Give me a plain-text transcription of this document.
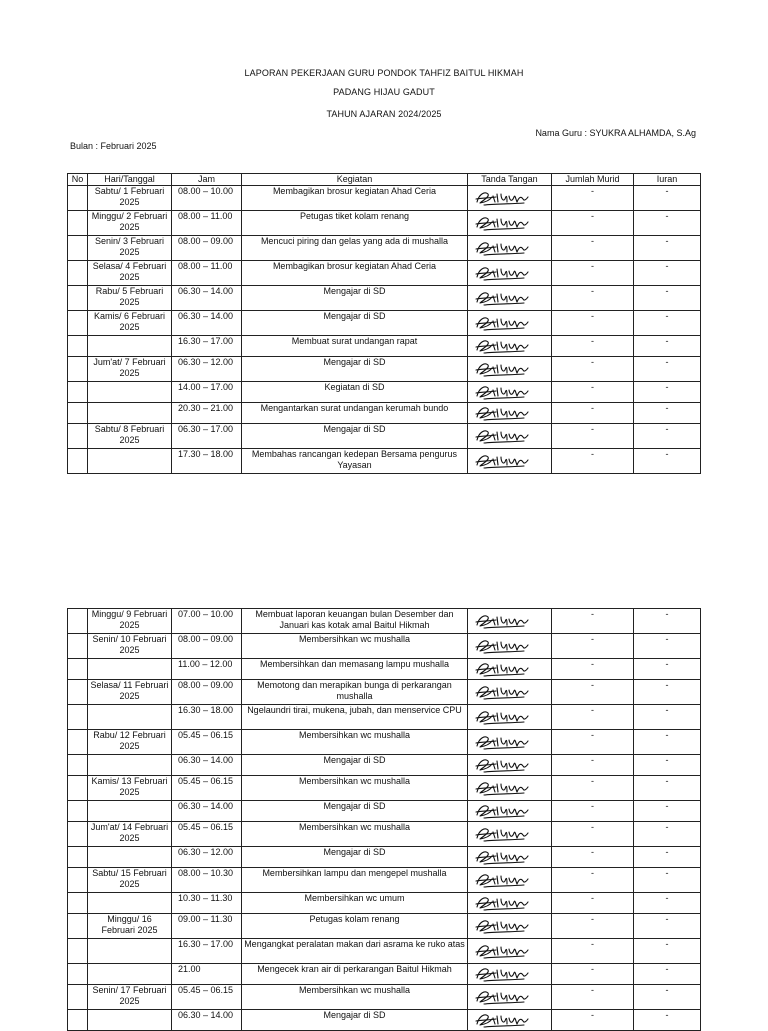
LAPORAN PEKERJAAN GURU PONDOK TAHFIZ BAITUL HIKMAH
PADANG HIJAU GADUT
TAHUN AJARAN 2024/2025
Nama Guru : SYUKRA ALHAMDA, S.Ag
Bulan : Februari 2025
No	Hari/Tanggal	Jam	Kegiatan	Tanda Tangan	Jumlah Murid	Iuran
	Sabtu/ 1 Februari 2025	08.00 – 10.00	Membagikan brosur kegiatan Ahad Ceria		-	-
	Minggu/ 2 Februari 2025	08.00 – 11.00	Petugas tiket kolam renang		-	-
	Senin/ 3 Februari 2025	08.00 – 09.00	Mencuci piring dan gelas yang ada di mushalla		-	-
	Selasa/ 4 Februari 2025	08.00 – 11.00	Membagikan brosur kegiatan Ahad Ceria		-	-
	Rabu/ 5 Februari 2025	06.30 – 14.00	Mengajar di SD		-	-
	Kamis/ 6 Februari 2025	06.30 – 14.00	Mengajar di SD		-	-
		16.30 – 17.00	Membuat surat undangan rapat		-	-
	Jum'at/ 7 Februari 2025	06.30 – 12.00	Mengajar di SD		-	-
		14.00 – 17.00	Kegiatan di SD		-	-
		20.30 – 21.00	Mengantarkan surat undangan kerumah bundo		-	-
	Sabtu/ 8 Februari 2025	06.30 – 17.00	Mengajar di SD		-	-
		17.30 – 18.00	Membahas rancangan kedepan Bersama pengurus Yayasan		-	-
	Minggu/ 9 Februari 2025	07.00 – 10.00	Membuat laporan keuangan bulan Desember dan Januari kas kotak amal Baitul Hikmah		-	-
	Senin/ 10 Februari 2025	08.00 – 09.00	Membersihkan wc mushalla		-	-
		11.00 – 12.00	Membersihkan dan memasang lampu mushalla		-	-
	Selasa/ 11 Februari 2025	08.00 – 09.00	Memotong dan merapikan bunga di perkarangan mushalla		-	-
		16.30 – 18.00	Ngelaundri tirai, mukena, jubah, dan menservice CPU		-	-
	Rabu/ 12 Februari 2025	05.45 – 06.15	Membersihkan wc mushalla		-	-
		06.30 – 14.00	Mengajar di SD		-	-
	Kamis/ 13 Februari 2025	05.45 – 06.15	Membersihkan wc mushalla		-	-
		06.30 – 14.00	Mengajar di SD		-	-
	Jum'at/ 14 Februari 2025	05.45 – 06.15	Membersihkan wc mushalla		-	-
		06.30 – 12.00	Mengajar di SD		-	-
	Sabtu/ 15 Februari 2025	08.00 – 10.30	Membersihkan lampu dan mengepel mushalla		-	-
		10.30 – 11.30	Membersihkan wc umum		-	-
	Minggu/ 16 Februari 2025	09.00 – 11.30	Petugas kolam renang		-	-
		16.30 – 17.00	Mengangkat peralatan makan dari asrama ke ruko atas		-	-
		21.00	Mengecek kran air di perkarangan Baitul Hikmah		-	-
	Senin/ 17 Februari 2025	05.45 – 06.15	Membersihkan wc mushalla		-	-
		06.30 – 14.00	Mengajar di SD		-	-
